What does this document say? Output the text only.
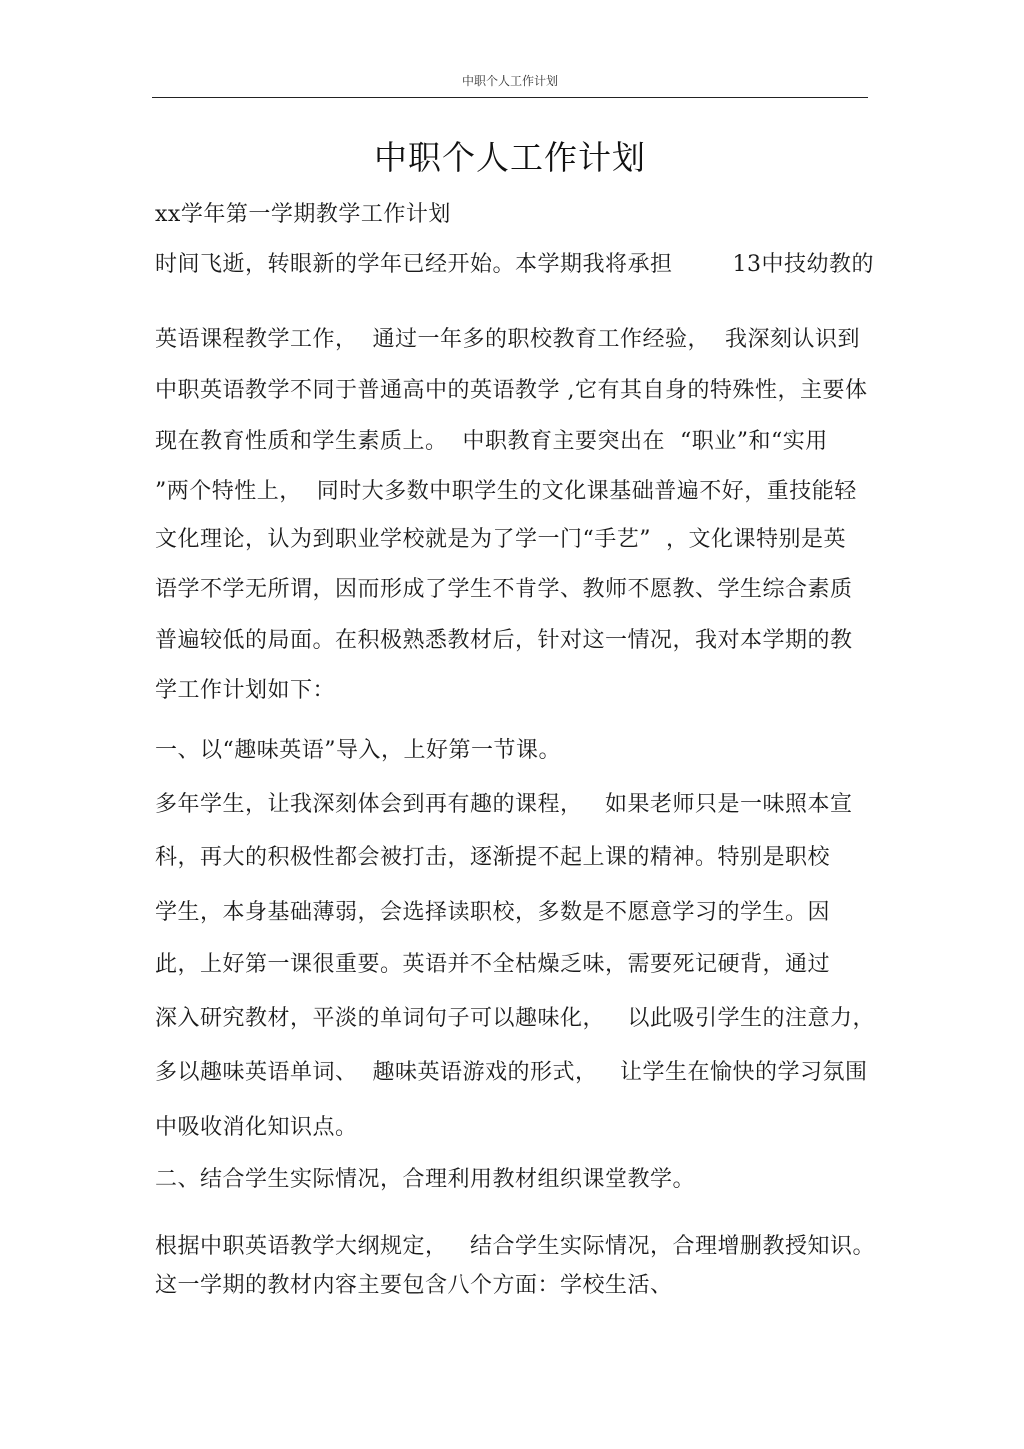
中职个人工作计划
中职个人工作计划
xx学年第一学期教学工作计划
时间飞逝，转眼新的学年已经开始。本学期我将承担        13中技幼教的
英语课程教学工作，  通过一年多的职校教育工作经验，  我深刻认识到
中职英语教学不同于普通高中的英语教学 ,它有其自身的特殊性，主要体
现在教育性质和学生素质上。  中职教育主要突出在  “职业”和“实用
”两个特性上，  同时大多数中职学生的文化课基础普遍不好，重技能轻
文化理论，认为到职业学校就是为了学一门“手艺”  ，文化课特别是英
语学不学无所谓，因而形成了学生不肯学、教师不愿教、学生综合素质
普遍较低的局面。在积极熟悉教材后，针对这一情况，我对本学期的教
学工作计划如下：
一、以“趣味英语”导入，上好第一节课。
多年学生，让我深刻体会到再有趣的课程，   如果老师只是一味照本宣
科，再大的积极性都会被打击，逐渐提不起上课的精神。特别是职校
学生，本身基础薄弱，会选择读职校，多数是不愿意学习的学生。因
此，上好第一课很重要。英语并不全枯燥乏味，需要死记硬背，通过
深入研究教材，平淡的单词句子可以趣味化，   以此吸引学生的注意力，
多以趣味英语单词、  趣味英语游戏的形式，   让学生在愉快的学习氛围
中吸收消化知识点。
二、结合学生实际情况，合理利用教材组织课堂教学。
根据中职英语教学大纲规定，   结合学生实际情况，合理增删教授知识。
这一学期的教材内容主要包含八个方面：学校生活、
